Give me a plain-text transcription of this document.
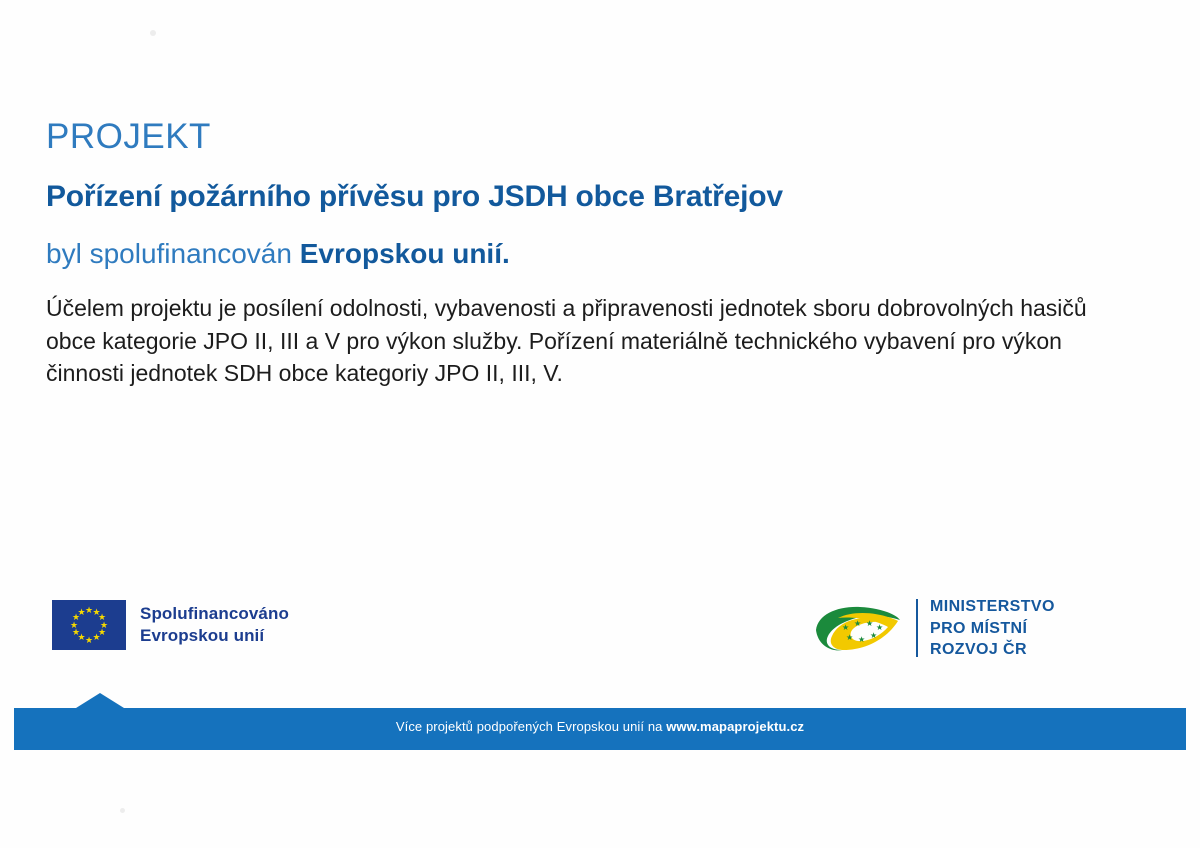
PROJEKT

Pořízení požárního přívěsu pro JSDH obce Bratřejov

byl spolufinancován Evropskou unií.

Účelem projektu je posílení odolnosti, vybavenosti a připravenosti jednotek sboru dobrovolných hasičů obce kategorie JPO II, III a V pro výkon služby. Pořízení materiálně technického vybavení pro výkon činnosti jednotek SDH obce kategoriy JPO II, III, V.

★ ★
★
★
★
★
★
★
★
★
★
★	Spolufinancováno
Evropskou unií	★ ★ ★ ★
★
★
★
MINISTERSTVO
PRO MÍSTNÍ
ROZVOJ ČR
Více projektů podpořených Evropskou unií na www.mapaprojektu.cz
